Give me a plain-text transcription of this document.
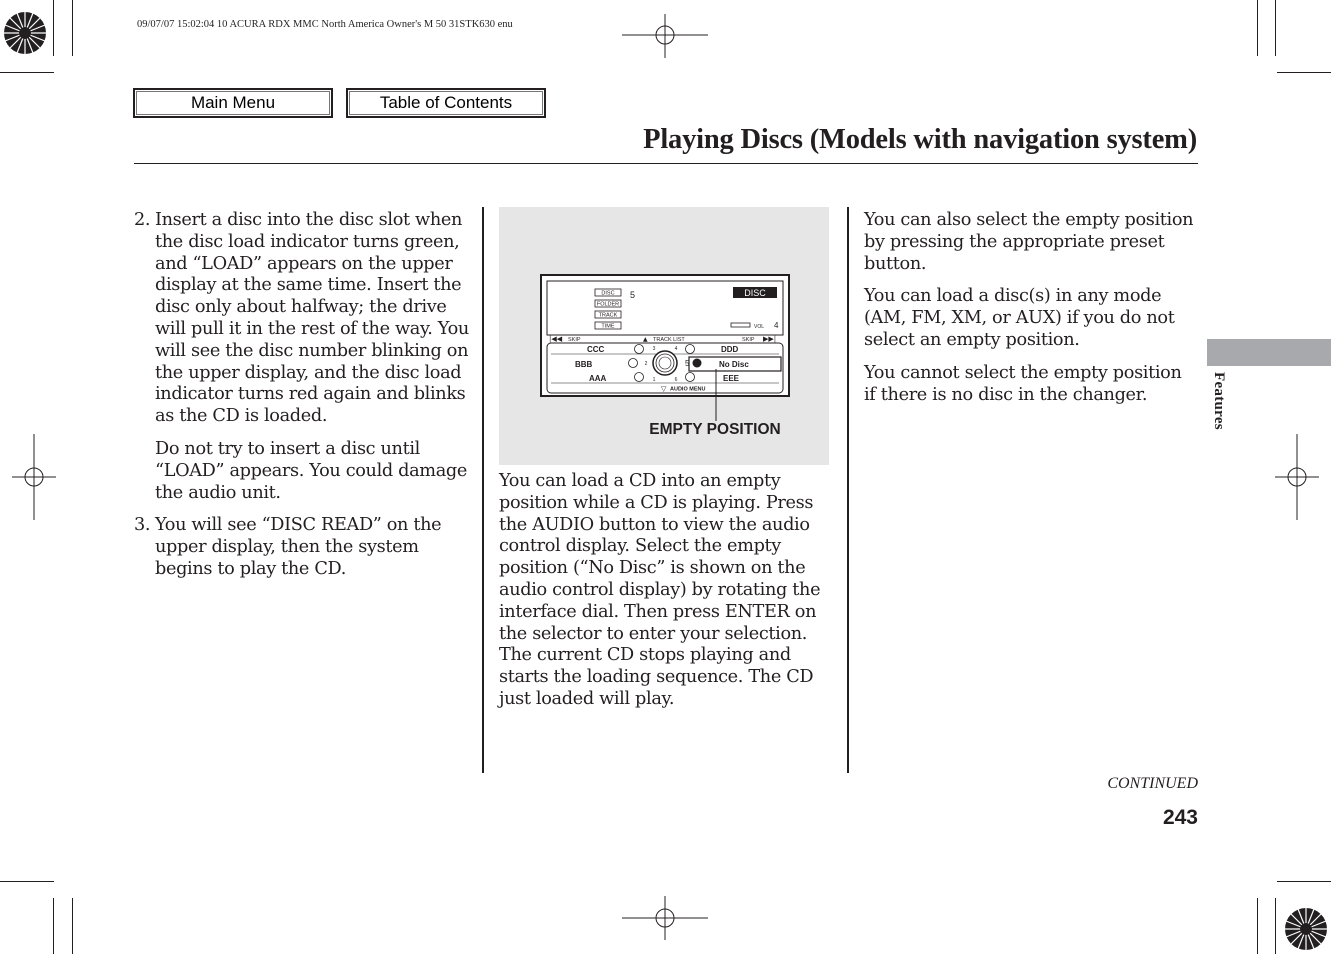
09/07/07 15:02:04 10 ACURA RDX MMC North America Owner's M 50 31STK630 enu
Main Menu	Table of Contents
Playing Discs (Models with navigation system)
2. Insert a disc into the disc slot when the disc load indicator turns green, and “LOAD” appears on the upper display at the same time. Insert the disc only about halfway; the drive will pull it in the rest of the way. You will see the disc number blinking on the upper display, and the disc load indicator turns red again and blinks as the CD is loaded.

Do not try to insert a disc until “LOAD” appears. You could damage the audio unit.

3. You will see “DISC READ” on the upper display, then the system begins to play the CD.

DISC
FOLDER
TRACK
TIME
5	DISC
VOL 4
|◀◀ SKIP	▲ TRACK LIST	SKIP ▶▶|
CCC	DDD
BBB	No Disc
AAA	EEE
3	4
2
1	6
5
▽ AUDIO MENU
EMPTY POSITION

You can load a CD into an empty position while a CD is playing. Press the AUDIO button to view the audio control display. Select the empty position (“No Disc” is shown on the audio control display) by rotating the interface dial. Then press ENTER on the selector to enter your selection. The current CD stops playing and starts the loading sequence. The CD just loaded will play.

You can also select the empty position by pressing the appropriate preset button.

You can load a disc(s) in any mode (AM, FM, XM, or AUX) if you do not select an empty position.

You cannot select the empty position if there is no disc in the changer.	Features
CONTINUED
243
